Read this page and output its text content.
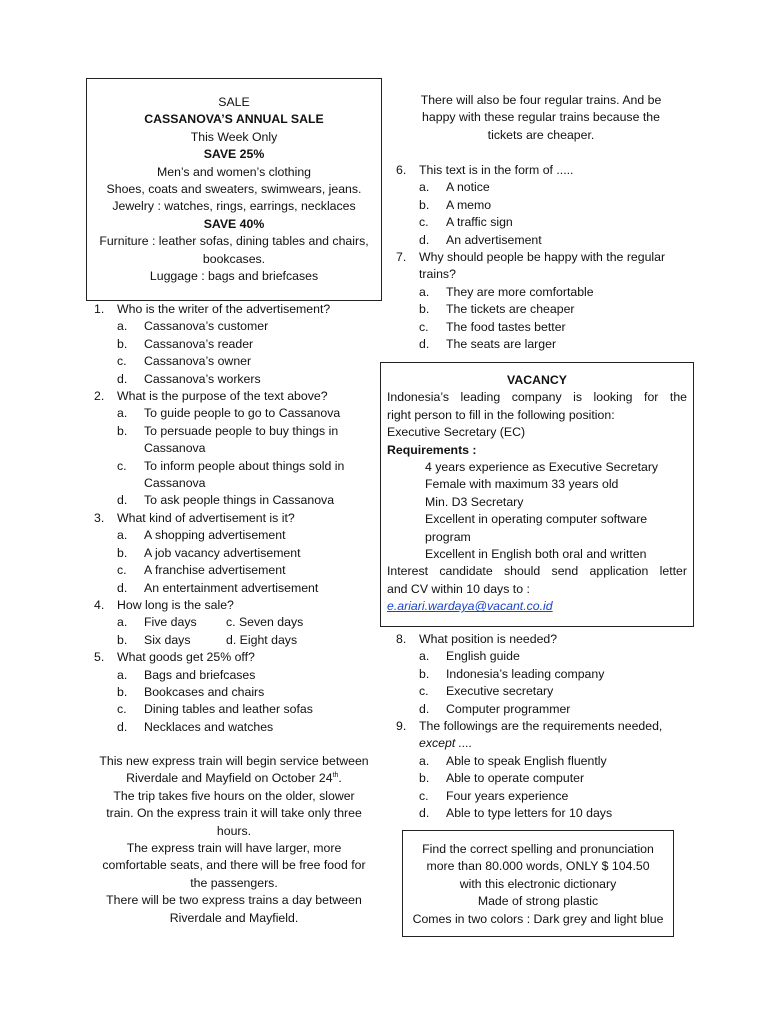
SALE
CASSANOVA’S ANNUAL SALE
This Week Only
SAVE 25%
Men’s and women’s clothing
Shoes, coats and sweaters, swimwears, jeans.
Jewelry : watches, rings, earrings, necklaces
SAVE 40%
Furniture : leather sofas, dining tables and chairs,
bookcases.
Luggage : bags and briefcases
1.	Who is the writer of the advertisement?
a.	Cassanova’s customer
b.	Cassanova’s reader
c.	Cassanova’s owner
d.	Cassanova’s workers
2.	What is the purpose of the text above?
a.	To guide people to go to Cassanova
b.	To persuade people to buy things in Cassanova
c.	To inform people about things sold in Cassanova
d.	To ask people things in Cassanova
3.	What kind of advertisement is it?
a.	A shopping advertisement
b.	A job vacancy advertisement
c.	A franchise advertisement
d.	An entertainment advertisement
4.	How long is the sale?
a.	Five days	c. Seven days
b.	Six days	d. Eight days
5.	What goods get 25% off?
a.	Bags and briefcases
b.	Bookcases and chairs
c.	Dining tables and leather sofas
d.	Necklaces and watches
This new express train will begin service between
Riverdale and Mayfield on October 24th.
The trip takes five hours on the older, slower
train. On the express train it will take only three
hours.
The express train will have larger, more
comfortable seats, and there will be free food for
the passengers.
There will be two express trains a day between
Riverdale and Mayfield.
There will also be four regular trains. And be
happy with these regular trains because the
tickets are cheaper.
6.	This text is in the form of .....
a.	A notice
b.	A memo
c.	A traffic sign
d.	An advertisement
7.	Why should people be happy with the regular trains?
a.	They are more comfortable
b.	The tickets are cheaper
c.	The food tastes better
d.	The seats are larger
VACANCY
Indonesia’s leading company is looking for the
right person to fill in the following position:
Executive Secretary (EC)
Requirements :
4 years experience as Executive Secretary
Female with maximum 33 years old
Min. D3 Secretary
Excellent in operating computer software program
Excellent in English both oral and written
Interest candidate should send application letter
and CV within 10 days to :
e.ariari.wardaya@vacant.co.id
8.	What position is needed?
a.	English guide
b.	Indonesia’s leading company
c.	Executive secretary
d.	Computer programmer
9.	The followings are the requirements needed,
except ....
a.	Able to speak English fluently
b.	Able to operate computer
c.	Four years experience
d.	Able to type letters for 10 days
Find the correct spelling and pronunciation
more than 80.000 words, ONLY $ 104.50
with this electronic dictionary
Made of strong plastic
Comes in two colors : Dark grey and light blue
